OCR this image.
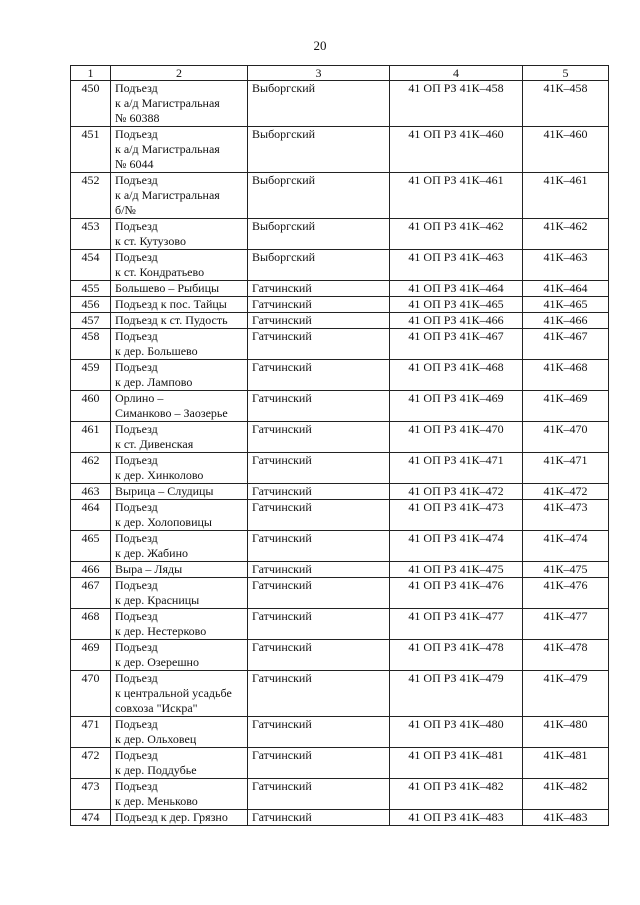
20
1	2	3	4	5
450	Подъезд
к а/д Магистральная
№ 60388	Выборгский	41 ОП РЗ 41К–458	41К–458
451	Подъезд
к а/д Магистральная
№ 6044	Выборгский	41 ОП РЗ 41К–460	41К–460
452	Подъезд
к а/д Магистральная
б/№	Выборгский	41 ОП РЗ 41К–461	41К–461
453	Подъезд
к ст. Кутузово	Выборгский	41 ОП РЗ 41К–462	41К–462
454	Подъезд
к ст. Кондратьево	Выборгский	41 ОП РЗ 41К–463	41К–463
455	Большево – Рыбицы	Гатчинский	41 ОП РЗ 41К–464	41К–464
456	Подъезд к пос. Тайцы	Гатчинский	41 ОП РЗ 41К–465	41К–465
457	Подъезд к ст. Пудость	Гатчинский	41 ОП РЗ 41К–466	41К–466
458	Подъезд
к дер. Большево	Гатчинский	41 ОП РЗ 41К–467	41К–467
459	Подъезд
к дер. Лампово	Гатчинский	41 ОП РЗ 41К–468	41К–468
460	Орлино –
Симанково – Заозерье	Гатчинский	41 ОП РЗ 41К–469	41К–469
461	Подъезд
к ст. Дивенская	Гатчинский	41 ОП РЗ 41К–470	41К–470
462	Подъезд
к дер. Хинколово	Гатчинский	41 ОП РЗ 41К–471	41К–471
463	Вырица – Слудицы	Гатчинский	41 ОП РЗ 41К–472	41К–472
464	Подъезд
к дер. Холоповицы	Гатчинский	41 ОП РЗ 41К–473	41К–473
465	Подъезд
к дер. Жабино	Гатчинский	41 ОП РЗ 41К–474	41К–474
466	Выра – Ляды	Гатчинский	41 ОП РЗ 41К–475	41К–475
467	Подъезд
к дер. Красницы	Гатчинский	41 ОП РЗ 41К–476	41К–476
468	Подъезд
к дер. Нестерково	Гатчинский	41 ОП РЗ 41К–477	41К–477
469	Подъезд
к дер. Озерешно	Гатчинский	41 ОП РЗ 41К–478	41К–478
470	Подъезд
к центральной усадьбе
совхоза "Искра"	Гатчинский	41 ОП РЗ 41К–479	41К–479
471	Подъезд
к дер. Ольховец	Гатчинский	41 ОП РЗ 41К–480	41К–480
472	Подъезд
к дер. Поддубье	Гатчинский	41 ОП РЗ 41К–481	41К–481
473	Подъезд
к дер. Меньково	Гатчинский	41 ОП РЗ 41К–482	41К–482
474	Подъезд к дер. Грязно	Гатчинский	41 ОП РЗ 41К–483	41К–483
